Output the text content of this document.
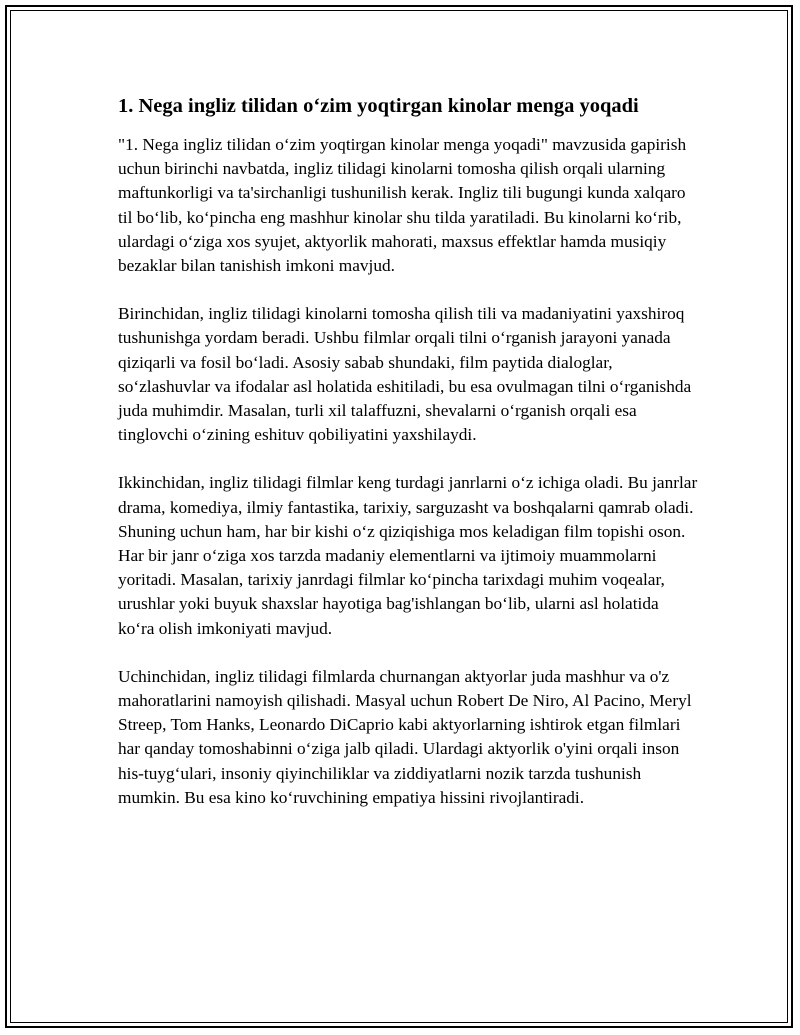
1. Nega ingliz tilidan o‘zim yoqtirgan kinolar menga yoqadi

"1. Nega ingliz tilidan o‘zim yoqtirgan kinolar menga yoqadi" mavzusida gapirish uchun birinchi navbatda, ingliz tilidagi kinolarni tomosha qilish orqali ularning maftunkorligi va ta'sirchanligi tushunilish kerak. Ingliz tili bugungi kunda xalqaro til bo‘lib, ko‘pincha eng mashhur kinolar shu tilda yaratiladi. Bu kinolarni ko‘rib, ulardagi o‘ziga xos syujet, aktyorlik mahorati, maxsus effektlar hamda musiqiy bezaklar bilan tanishish imkoni mavjud.

Birinchidan, ingliz tilidagi kinolarni tomosha qilish tili va madaniyatini yaxshiroq tushunishga yordam beradi. Ushbu filmlar orqali tilni o‘rganish jarayoni yanada qiziqarli va fosil bo‘ladi. Asosiy sabab shundaki, film paytida dialoglar, so‘zlashuvlar va ifodalar asl holatida eshitiladi, bu esa ovulmagan tilni o‘rganishda juda muhimdir. Masalan, turli xil talaffuzni, shevalarni o‘rganish orqali esa tinglovchi o‘zining eshituv qobiliyatini yaxshilaydi.

Ikkinchidan, ingliz tilidagi filmlar keng turdagi janrlarni o‘z ichiga oladi. Bu janrlar drama, komediya, ilmiy fantastika, tarixiy, sarguzasht va boshqalarni qamrab oladi. Shuning uchun ham, har bir kishi o‘z qiziqishiga mos keladigan film topishi oson. Har bir janr o‘ziga xos tarzda madaniy elementlarni va ijtimoiy muammolarni yoritadi. Masalan, tarixiy janrdagi filmlar ko‘pincha tarixdagi muhim voqealar, urushlar yoki buyuk shaxslar hayotiga bag'ishlangan bo‘lib, ularni asl holatida ko‘ra olish imkoniyati mavjud.

Uchinchidan, ingliz tilidagi filmlarda churnangan aktyorlar juda mashhur va o'z mahoratlarini namoyish qilishadi. Masyal uchun Robert De Niro, Al Pacino, Meryl Streep, Tom Hanks, Leonardo DiCaprio kabi aktyorlarning ishtirok etgan filmlari har qanday tomoshabinni o‘ziga jalb qiladi. Ulardagi aktyorlik o'yini orqali inson his-tuyg‘ulari, insoniy qiyinchiliklar va ziddiyatlarni nozik tarzda tushunish mumkin. Bu esa kino ko‘ruvchining empatiya hissini rivojlantiradi.
